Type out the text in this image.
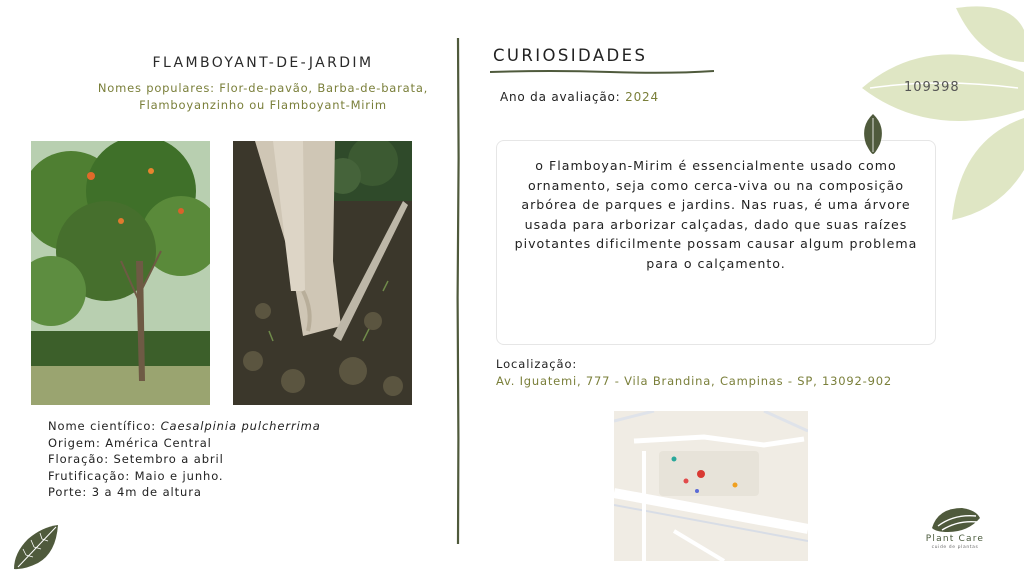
FLAMBOYANT-DE-JARDIM
Nomes populares: Flor-de-pavão, Barba-de-barata,
Flamboyanzinho ou Flamboyant-Mirim
Nome científico: Caesalpinia pulcherrima
Origem: América Central
Floração: Setembro a abril
Frutificação: Maio e junho.
Porte: 3 a 4m de altura
CURIOSIDADES
Ano da avaliação: 2024
o Flamboyan-Mirim é essencialmente usado como ornamento, seja como cerca-viva ou na composição arbórea de parques e jardins. Nas ruas, é uma árvore usada para arborizar calçadas, dado que suas raízes pivotantes dificilmente possam causar algum problema para o calçamento.
Localização:
Av. Iguatemi, 777 - Vila Brandina, Campinas - SP, 13092-902
109398
Plant Care
cuide de plantas
